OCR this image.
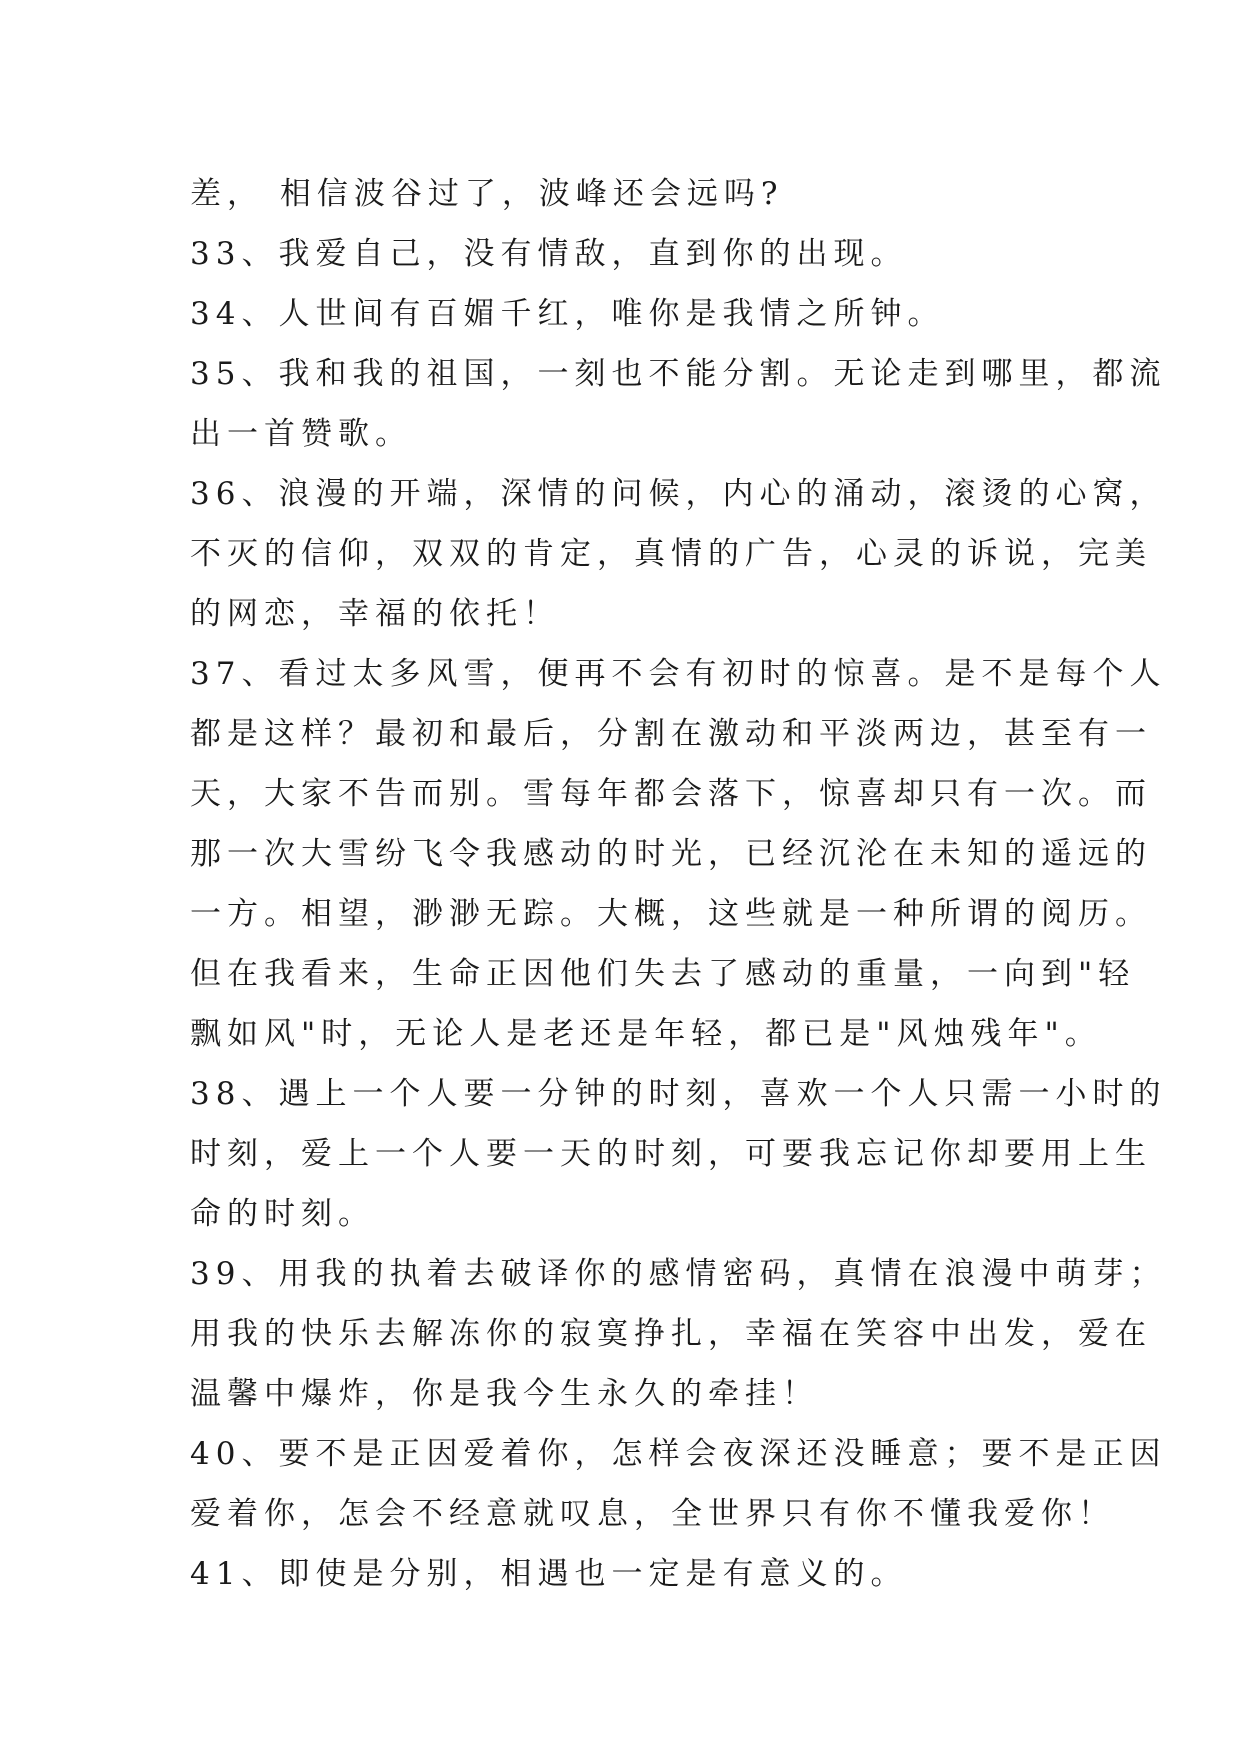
差， 相信波谷过了，波峰还会远吗?
33、我爱自己，没有情敌，直到你的出现。
34、人世间有百媚千红，唯你是我情之所钟。
35、我和我的祖国，一刻也不能分割。无论走到哪里，都流
出一首赞歌。
36、浪漫的开端，深情的问候，内心的涌动，滚烫的心窝，
不灭的信仰，双双的肯定，真情的广告，心灵的诉说，完美
的网恋，幸福的依托！
37、看过太多风雪，便再不会有初时的惊喜。是不是每个人
都是这样？最初和最后，分割在激动和平淡两边，甚至有一
天，大家不告而别。雪每年都会落下，惊喜却只有一次。而
那一次大雪纷飞令我感动的时光，已经沉沦在未知的遥远的
一方。相望，渺渺无踪。大概，这些就是一种所谓的阅历。
但在我看来，生命正因他们失去了感动的重量，一向到"轻
飘如风"时，无论人是老还是年轻，都已是"风烛残年"。
38、遇上一个人要一分钟的时刻，喜欢一个人只需一小时的
时刻，爱上一个人要一天的时刻，可要我忘记你却要用上生
命的时刻。
39、用我的执着去破译你的感情密码，真情在浪漫中萌芽；
用我的快乐去解冻你的寂寞挣扎，幸福在笑容中出发，爱在
温馨中爆炸，你是我今生永久的牵挂！
40、要不是正因爱着你，怎样会夜深还没睡意；要不是正因
爱着你，怎会不经意就叹息，全世界只有你不懂我爱你！
41、即使是分别，相遇也一定是有意义的。
